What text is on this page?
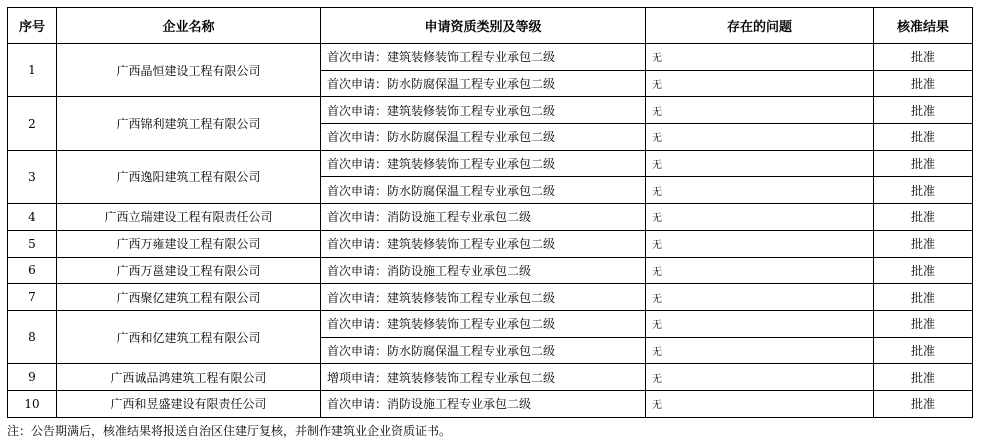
序号	企业名称	申请资质类别及等级	存在的问题	核准结果
1	广西晶恒建设工程有限公司	首次申请：建筑装修装饰工程专业承包二级	无	批准
		首次申请：防水防腐保温工程专业承包二级	无	批准
2	广西锦利建筑工程有限公司	首次申请：建筑装修装饰工程专业承包二级	无	批准
		首次申请：防水防腐保温工程专业承包二级	无	批准
3	广西逸阳建筑工程有限公司	首次申请：建筑装修装饰工程专业承包二级	无	批准
		首次申请：防水防腐保温工程专业承包二级	无	批准
4	广西立瑞建设工程有限责任公司	首次申请：消防设施工程专业承包二级	无	批准
5	广西万雍建设工程有限公司	首次申请：建筑装修装饰工程专业承包二级	无	批准
6	广西万邕建设工程有限公司	首次申请：消防设施工程专业承包二级	无	批准
7	广西聚亿建筑工程有限公司	首次申请：建筑装修装饰工程专业承包二级	无	批准
8	广西和亿建筑工程有限公司	首次申请：建筑装修装饰工程专业承包二级	无	批准
		首次申请：防水防腐保温工程专业承包二级	无	批准
9	广西诚品鸿建筑工程有限公司	增项申请：建筑装修装饰工程专业承包二级	无	批准
10	广西和昱盛建设有限责任公司	首次申请：消防设施工程专业承包二级	无	批准
注：公告期满后，核准结果将报送自治区住建厅复核，并制作建筑业企业资质证书。
